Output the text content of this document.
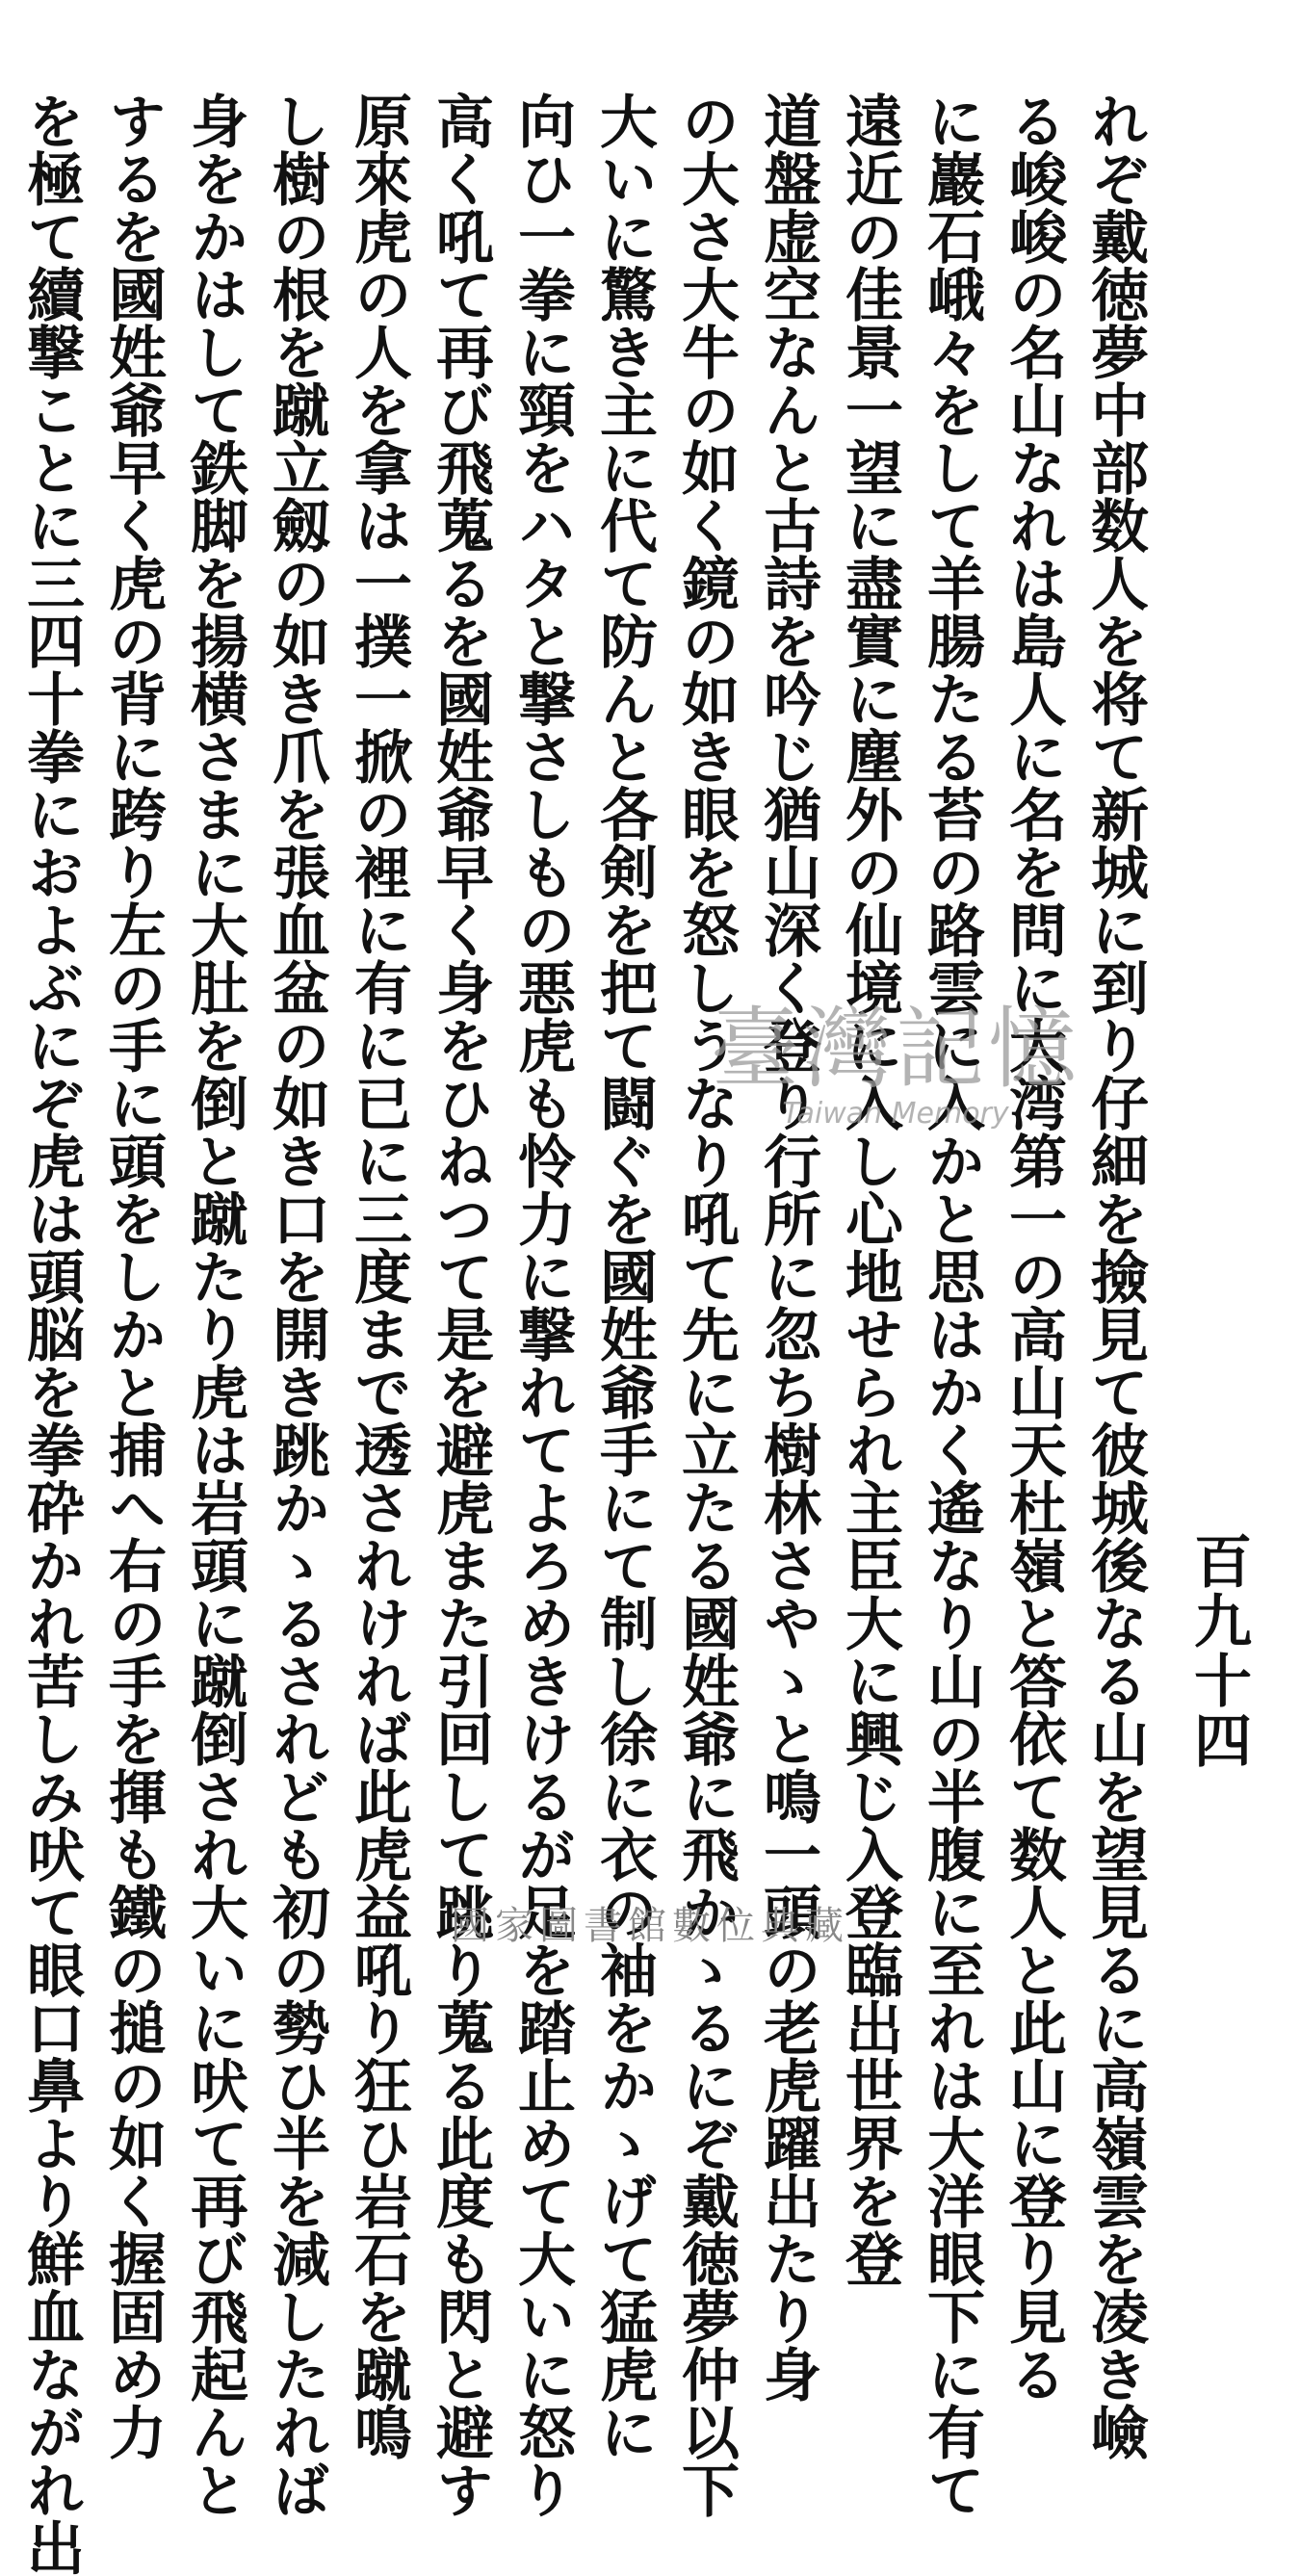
百九十四
れぞ戴徳夢中部数人を将て新城に到り仔細を撿見て彼城後なる山を望見るに高嶺雲を凌き嶮
る峻峻の名山なれは島人に名を問に大湾第一の高山天杜嶺と答依て数人と此山に登り見る
に巖石峨々をして羊腸たる苔の路雲に入かと思はかく遙なり山の半腹に至れは大洋眼下に有て
遠近の佳景一望に盡實に塵外の仙境に入し心地せられ主臣大に興じ入登臨出世界を登
道盤虚空なんと古詩を吟じ猶山深く登り行所に忽ち樹林さやゝと鳴一頭の老虎躍出たり身
の大さ大牛の如く鏡の如き眼を怒しうなり吼て先に立たる國姓爺に飛かゝるにぞ戴徳夢仲以下
大いに驚き主に代て防んと各剣を把て闘ぐを國姓爺手にて制し徐に衣の袖をかゝげて猛虎に
向ひ一拳に頸をハタと撃さしもの悪虎も怜力に撃れてよろめきけるが足を踏止めて大いに怒り
高く吼て再び飛蒐るを國姓爺早く身をひねつて是を避虎また引回して跳り蒐る此度も閃と避す
原來虎の人を拿は一撲一掀の裡に有に已に三度まで透されければ此虎益吼り狂ひ岩石を蹴鳴
し樹の根を蹴立劔の如き爪を張血盆の如き口を開き跳かゝるされども初の勢ひ半を減したれば
身をかはして鉄脚を揚横さまに大肚を倒と蹴たり虎は岩頭に蹴倒され大いに吠て再び飛起んと
するを國姓爺早く虎の背に跨り左の手に頭をしかと捕へ右の手を揮も鐵の搥の如く握固め力
を極て續撃ことに三四十拳におよぶにぞ虎は頭脳を拳砕かれ苦しみ吠て眼口鼻より鮮血ながれ出	臺灣記憶
Taiwan Memory
國家圖書館數位典藏
